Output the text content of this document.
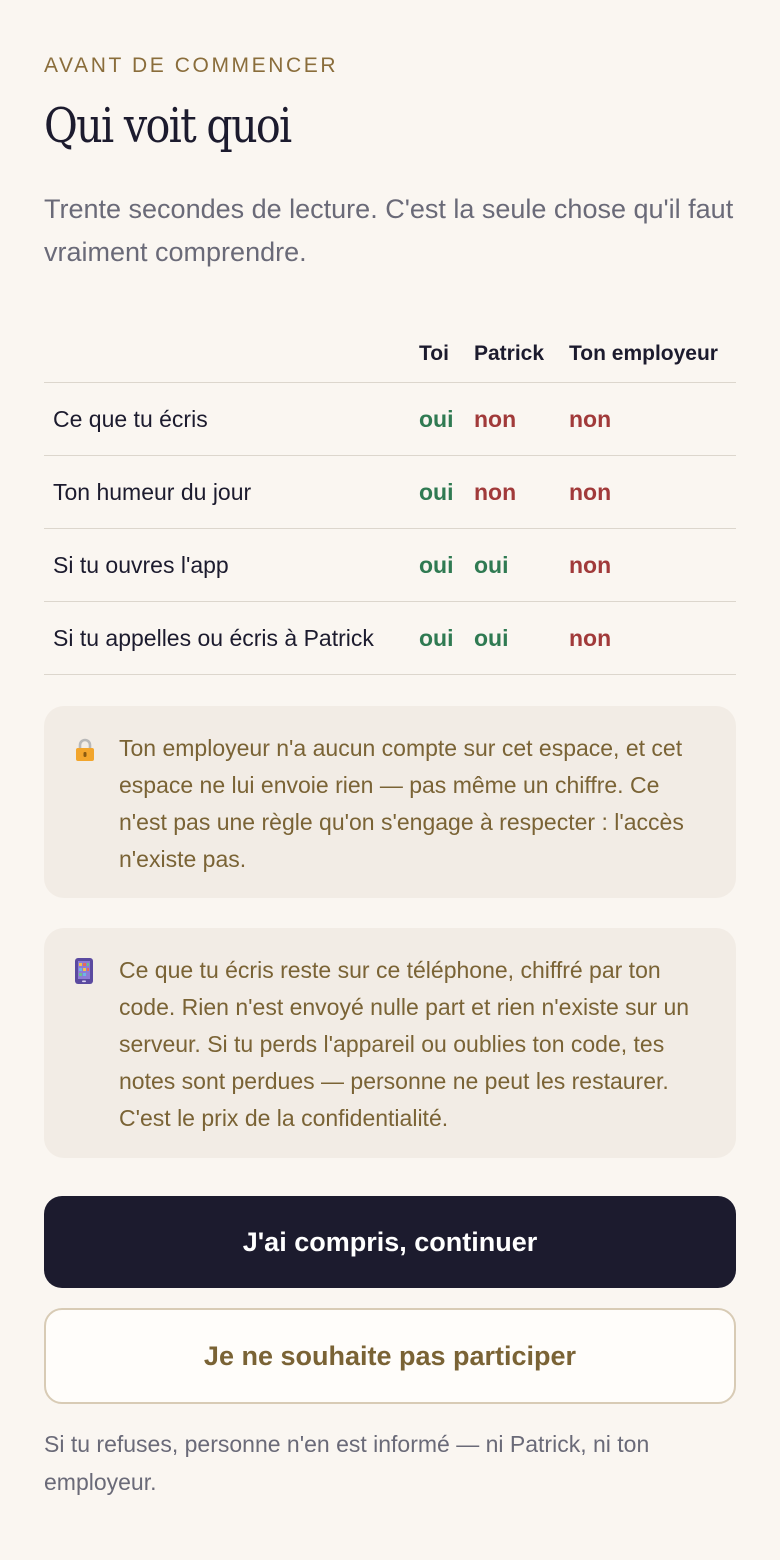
AVANT DE COMMENCER
Qui voit quoi

Trente secondes de lecture. C'est la seule chose qu'il faut vraiment comprendre.

	Toi	Patrick	Ton employeur
Ce que tu écris	oui	non	non
Ton humeur du jour	oui	non	non
Si tu ouvres l'app	oui	oui	non
Si tu appelles ou écris à Patrick	oui	oui	non
Ton employeur n'a aucun compte sur cet espace, et cet espace ne lui envoie rien — pas même un chiffre. Ce n'est pas une règle qu'on s'engage à respecter : l'accès n'existe pas.
Ce que tu écris reste sur ce téléphone, chiffré par ton code. Rien n'est envoyé nulle part et rien n'existe sur un serveur. Si tu perds l'appareil ou oublies ton code, tes notes sont perdues — personne ne peut les restaurer. C'est le prix de la confidentialité.
J'ai compris, continuer
Je ne souhaite pas participer

Si tu refuses, personne n'en est informé — ni Patrick, ni ton employeur.
